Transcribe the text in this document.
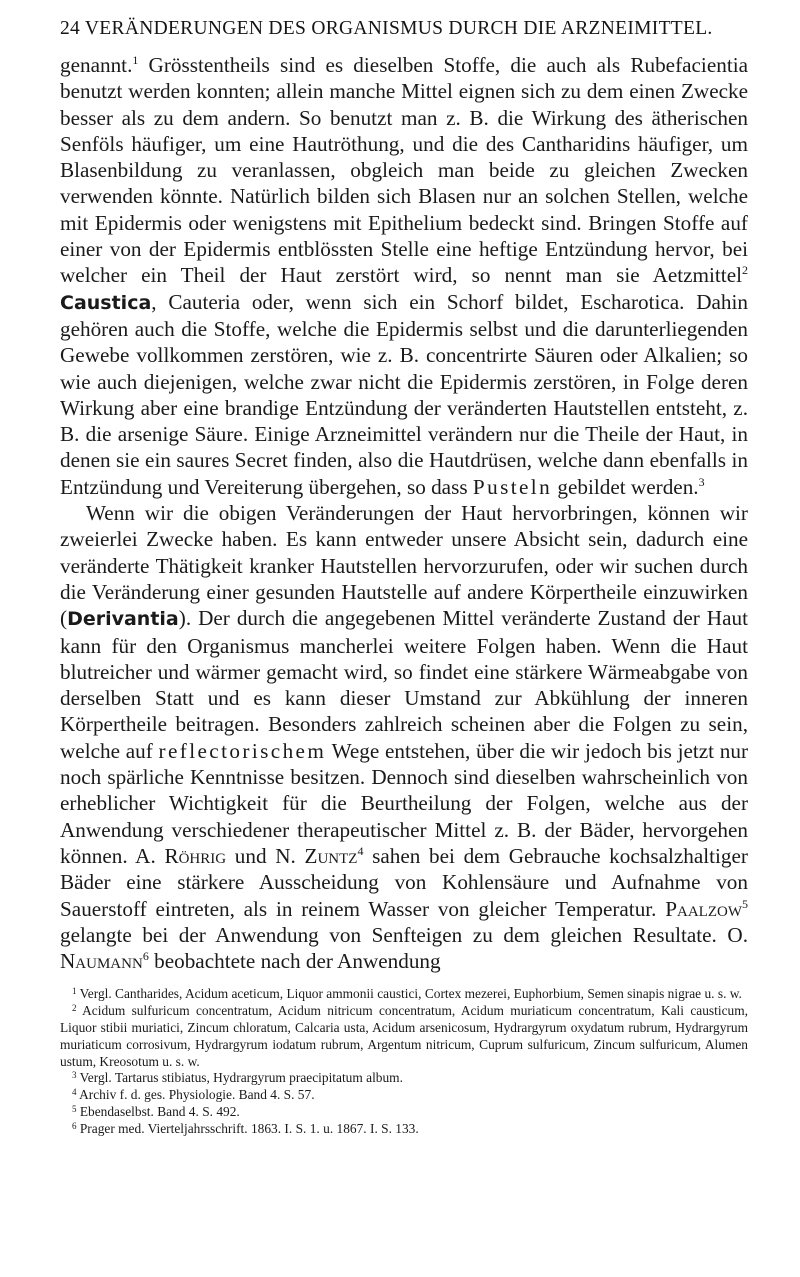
24 VERÄNDERUNGEN DES ORGANISMUS DURCH DIE ARZNEIMITTEL.

genannt.$^1$ Grösstentheils sind es dieselben Stoffe, die auch als Rubefacientia benutzt werden konnten; allein manche Mittel eignen sich zu dem einen Zwecke besser als zu dem andern. So benutzt man z. B. die Wirkung des ätherischen Senföls häufiger, um eine Hautröthung, und die des Cantharidins häufiger, um Blasenbildung zu veranlassen, obgleich man beide zu gleichen Zwecken verwenden könnte. Natürlich bilden sich Blasen nur an solchen Stellen, welche mit Epidermis oder wenigstens mit Epithelium bedeckt sind. Bringen Stoffe auf einer von der Epidermis entblössten Stelle eine heftige Entzündung hervor, bei welcher ein Theil der Haut zerstört wird, so nennt man sie Aetzmittel$^2$ Caustica, Cauteria oder, wenn sich ein Schorf bildet, Escharotica. Dahin gehören auch die Stoffe, welche die Epidermis selbst und die darunterliegenden Gewebe vollkommen zerstören, wie z. B. concentrirte Säuren oder Alkalien; so wie auch diejenigen, welche zwar nicht die Epidermis zerstören, in Folge deren Wirkung aber eine brandige Entzündung der veränderten Hautstellen entsteht, z. B. die arsenige Säure. Einige Arzneimittel verändern nur die Theile der Haut, in denen sie ein saures Secret finden, also die Hautdrüsen, welche dann ebenfalls in Entzündung und Vereiterung übergehen, so dass Pusteln gebildet werden.$^3$

Wenn wir die obigen Veränderungen der Haut hervorbringen, können wir zweierlei Zwecke haben. Es kann entweder unsere Absicht sein, dadurch eine veränderte Thätigkeit kranker Hautstellen hervorzurufen, oder wir suchen durch die Veränderung einer gesunden Hautstelle auf andere Körpertheile einzuwirken (Derivantia). Der durch die angegebenen Mittel veränderte Zustand der Haut kann für den Organismus mancherlei weitere Folgen haben. Wenn die Haut blutreicher und wärmer gemacht wird, so findet eine stärkere Wärmeabgabe von derselben Statt und es kann dieser Umstand zur Abkühlung der inneren Körpertheile beitragen. Besonders zahlreich scheinen aber die Folgen zu sein, welche auf reflectorischem Wege entstehen, über die wir jedoch bis jetzt nur noch spärliche Kenntnisse besitzen. Dennoch sind dieselben wahrscheinlich von erheblicher Wichtigkeit für die Beurtheilung der Folgen, welche aus der Anwendung verschiedener therapeutischer Mittel z. B. der Bäder, hervorgehen können. A. Röhrig und N. Zuntz$^4$ sahen bei dem Gebrauche kochsalzhaltiger Bäder eine stärkere Ausscheidung von Kohlensäure und Aufnahme von Sauerstoff eintreten, als in reinem Wasser von gleicher Temperatur. Paalzow$^5$ gelangte bei der Anwendung von Senfteigen zu dem gleichen Resultate. O. Naumann$^6$ beobachtete nach der Anwendung

$^1$ Vergl. Cantharides, Acidum aceticum, Liquor ammonii caustici, Cortex mezerei, Euphorbium, Semen sinapis nigrae u. s. w.

$^2$ Acidum sulfuricum concentratum, Acidum nitricum concentratum, Acidum muriaticum concentratum, Kali causticum, Liquor stibii muriatici, Zincum chloratum, Calcaria usta, Acidum arsenicosum, Hydrargyrum oxydatum rubrum, Hydrargyrum muriaticum corrosivum, Hydrargyrum iodatum rubrum, Argentum nitricum, Cuprum sulfuricum, Zincum sulfuricum, Alumen ustum, Kreosotum u. s. w.

$^3$ Vergl. Tartarus stibiatus, Hydrargyrum praecipitatum album.

$^4$ Archiv f. d. ges. Physiologie. Band 4. S. 57.

$^5$ Ebendaselbst. Band 4. S. 492.

$^6$ Prager med. Vierteljahrsschrift. 1863. I. S. 1. u. 1867. I. S. 133.
